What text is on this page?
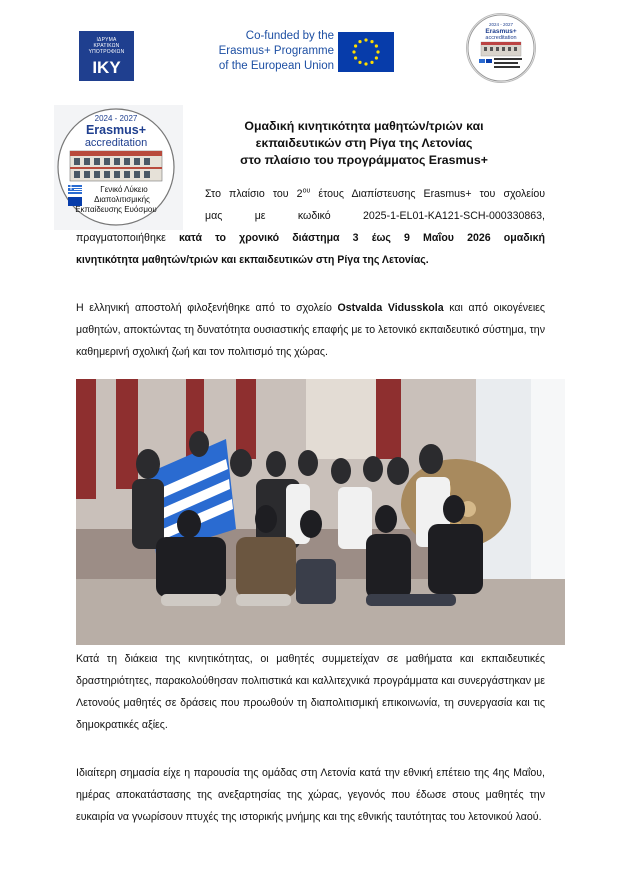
ΙΔΡΥΜΑ
ΚΡΑΤΙΚΩΝ
ΥΠΟΤΡΟΦΙΩΝ
IKY
Co-funded by the
Erasmus+ Programme
of the European Union
2024 - 2027
Erasmus+
accreditation
2024 - 2027
Erasmus+
accreditation
Γενικό Λύκειο
Διαπολιτισμικής
Εκπαίδευσης Ευόσμου
Ομαδική κινητικότητα μαθητών/τριών και
εκπαιδευτικών στη Ρίγα της Λετονίας
στο πλαίσιο του προγράμματος Erasmus+
Στο πλαίσιο του $2^{o\upsilon}$ έτους Διαπίστευσης Erasmus+ του σχολείου
μας με κωδικό 2025-1-EL01-KA121-SCH-000330863,
πραγματοποιήθηκε κατά το χρονικό διάστημα 3 έως 9 Μαΐου 2026 ομαδική
κινητικότητα μαθητών/τριών και εκπαιδευτικών στη Ρίγα της Λετονίας.
Η ελληνική αποστολή φιλοξενήθηκε από το σχολείο Ostvalda Vidusskola και από οικογένειες μαθητών, αποκτώντας τη δυνατότητα ουσιαστικής επαφής με το λετονικό εκπαιδευτικό σύστημα, την καθημερινή σχολική ζωή και τον πολιτισμό της χώρας.
Κατά τη διάκεια της κινητικότητας, οι μαθητές συμμετείχαν σε μαθήματα και εκπαιδευτικές δραστηριότητες, παρακολούθησαν πολιτιστικά και καλλιτεχνικά προγράμματα και συνεργάστηκαν με Λετονούς μαθητές σε δράσεις που προωθούν τη διαπολιτισμική επικοινωνία, τη συνεργασία και τις δημοκρατικές αξίες.
Ιδιαίτερη σημασία είχε η παρουσία της ομάδας στη Λετονία κατά την εθνική επέτειο της 4ης Μαΐου, ημέρας αποκατάστασης της ανεξαρτησίας της χώρας, γεγονός που έδωσε στους μαθητές την ευκαιρία να γνωρίσουν πτυχές της ιστορικής μνήμης και της εθνικής ταυτότητας του λετονικού λαού.
